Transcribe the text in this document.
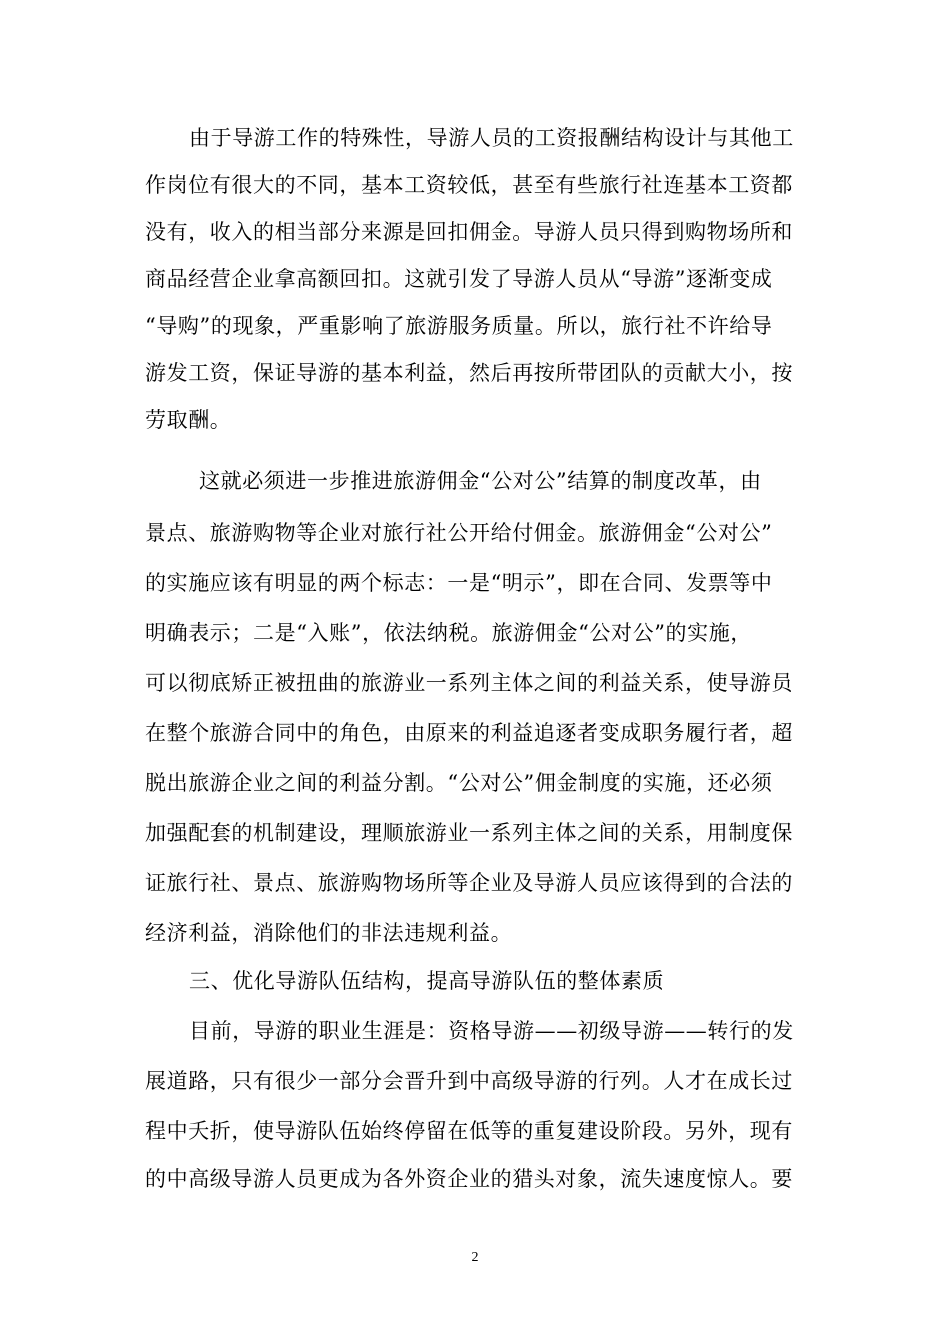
由于导游工作的特殊性，导游人员的工资报酬结构设计与其他工
作岗位有很大的不同，基本工资较低，甚至有些旅行社连基本工资都
没有，收入的相当部分来源是回扣佣金。导游人员只得到购物场所和
商品经营企业拿高额回扣。这就引发了导游人员从“导游”逐渐变成
“导购”的现象，严重影响了旅游服务质量。所以，旅行社不许给导
游发工资，保证导游的基本利益，然后再按所带团队的贡献大小，按
劳取酬。
这就必须进一步推进旅游佣金“公对公”结算的制度改革，由
景点、旅游购物等企业对旅行社公开给付佣金。旅游佣金“公对公”
的实施应该有明显的两个标志：一是“明示”，即在合同、发票等中
明确表示；二是“入账”，依法纳税。旅游佣金“公对公”的实施，
可以彻底矫正被扭曲的旅游业一系列主体之间的利益关系，使导游员
在整个旅游合同中的角色，由原来的利益追逐者变成职务履行者，超
脱出旅游企业之间的利益分割。“公对公”佣金制度的实施，还必须
加强配套的机制建设，理顺旅游业一系列主体之间的关系，用制度保
证旅行社、景点、旅游购物场所等企业及导游人员应该得到的合法的
经济利益，消除他们的非法违规利益。
三、优化导游队伍结构，提高导游队伍的整体素质
目前，导游的职业生涯是：资格导游——初级导游——转行的发
展道路，只有很少一部分会晋升到中高级导游的行列。人才在成长过
程中夭折，使导游队伍始终停留在低等的重复建设阶段。另外，现有
的中高级导游人员更成为各外资企业的猎头对象，流失速度惊人。要
2
